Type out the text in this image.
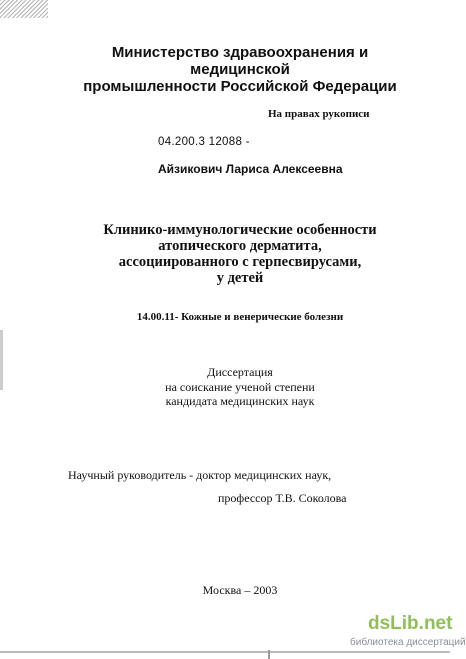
Министерство здравоохранения и медицинской
промышленности Российской Федерации
На правах рукописи
04.200.3 12088 -
Айзикович Лариса Алексеевна
Клинико-иммунологические особенности
атопического дерматита,
ассоциированного с герпесвирусами,
у детей
14.00.11- Кожные и венерические болезни
Диссертация
на соискание ученой степени
кандидата медицинских наук
Научный руководитель - доктор медицинских наук,
профессор Т.В. Соколова
Москва – 2003
dsLib.net
библиотека диссертаций
